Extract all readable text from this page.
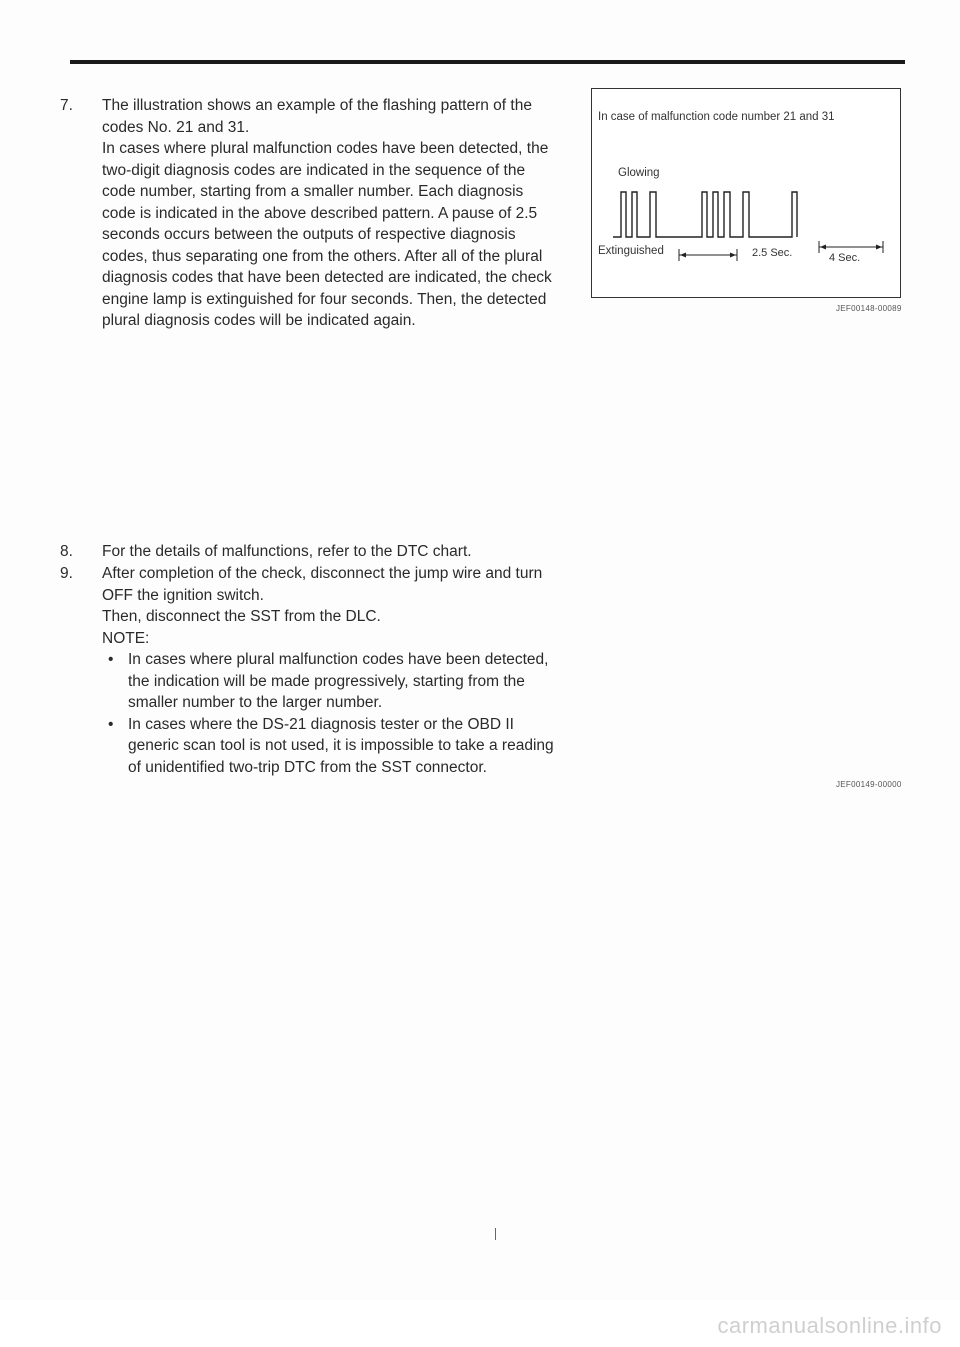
7.	The illustration shows an example of the flashing pattern of the codes No. 21 and 31.

In cases where plural malfunction codes have been detected, the two-digit diagnosis codes are indicated in the sequence of the code number, starting from a smaller number. Each diagnosis code is indicated in the above described pattern. A pause of 2.5 seconds occurs between the outputs of respective diagnosis codes, thus separating one from the others. After all of the plural diagnosis codes that have been detected are indicated, the check engine lamp is extinguished for four seconds. Then, the detected plural diagnosis codes will be indicated again.

In case of malfunction code number 21 and 31
Glowing
Extinguished	2.5 Sec.	4 Sec.
JEF00148-00089
8.	For the details of malfunctions, refer to the DTC chart.

9.	After completion of the check, disconnect the jump wire and turn OFF the ignition switch.

Then, disconnect the SST from the DLC.

NOTE:

• In cases where plural malfunction codes have been detected, the indication will be made progressively, starting from the smaller number to the larger number.
• In cases where the DS-21 diagnosis tester or the OBD II generic scan tool is not used, it is impossible to take a reading of unidentified two-trip DTC from the SST connector.
JEF00149-00000
carmanualsonline.info
